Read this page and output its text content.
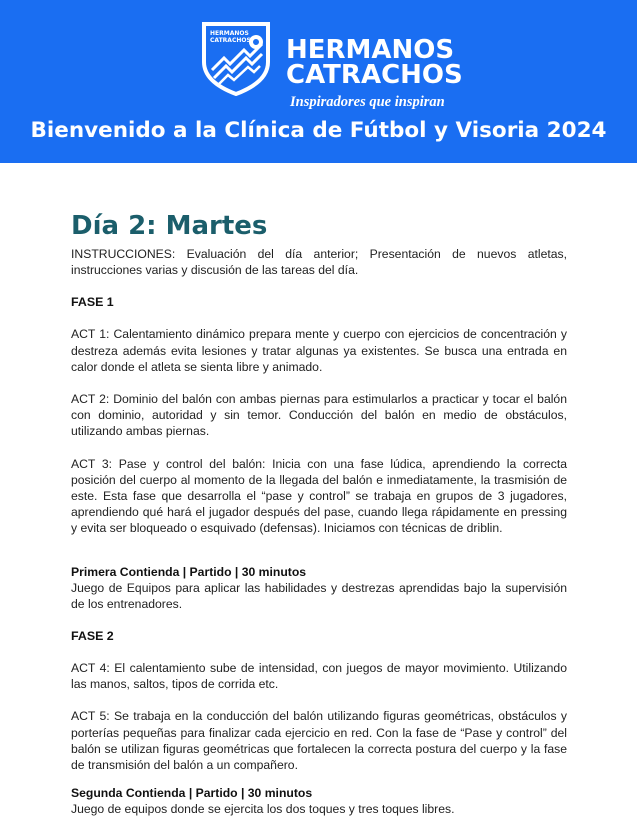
HERMANOS
CATRACHOS HERMANOS
CATRACHOS
Inspiradores que inspiran
Bienvenido a la Clínica de Fútbol y Visoria 2024
Día 2: Martes

INSTRUCCIONES: Evaluación del día anterior; Presentación de nuevos atletas, instrucciones varias y discusión de las tareas del día.

FASE 1

ACT 1: Calentamiento dinámico prepara mente y cuerpo con ejercicios de concentración y destreza además evita lesiones y tratar algunas ya existentes. Se busca una entrada en calor donde el atleta se sienta libre y animado.

ACT 2: Dominio del balón con ambas piernas para estimularlos a practicar y tocar el balón con dominio, autoridad y sin temor. Conducción del balón en medio de obstáculos, utilizando ambas piernas.

ACT 3: Pase y control del balón: Inicia con una fase lúdica, aprendiendo la correcta posición del cuerpo al momento de la llegada del balón e inmediatamente, la trasmisión de este. Esta fase que desarrolla el “pase y control” se trabaja en grupos de 3 jugadores, aprendiendo qué hará el jugador después del pase, cuando llega rápidamente en pressing y evita ser bloqueado o esquivado (defensas). Iniciamos con técnicas de driblin.

Primera Contienda | Partido | 30 minutos

Juego de Equipos para aplicar las habilidades y destrezas aprendidas bajo la supervisión de los entrenadores.

FASE 2

ACT 4: El calentamiento sube de intensidad, con juegos de mayor movimiento. Utilizando las manos, saltos, tipos de corrida etc.

ACT 5: Se trabaja en la conducción del balón utilizando figuras geométricas, obstáculos y porterías pequeñas para finalizar cada ejercicio en red. Con la fase de “Pase y control” del balón se utilizan figuras geométricas que fortalecen la correcta postura del cuerpo y la fase de transmisión del balón a un compañero.

Segunda Contienda | Partido | 30 minutos

Juego de equipos donde se ejercita los dos toques y tres toques libres.
